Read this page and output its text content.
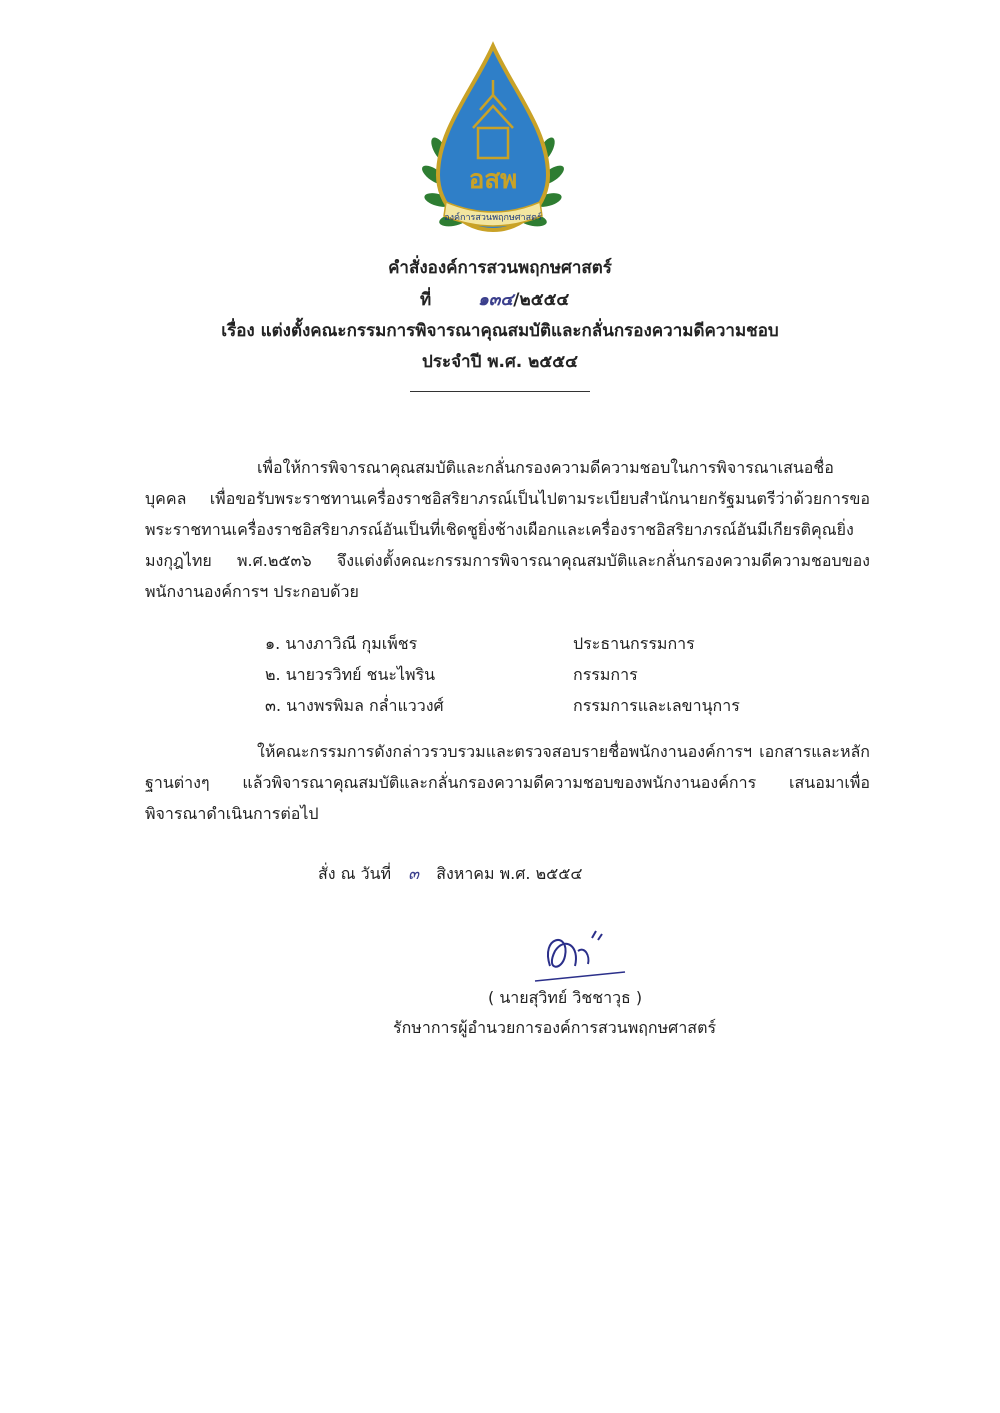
อสพ
องค์การสวนพฤกษศาสตร์
คำสั่งองค์การสวนพฤกษศาสตร์
ที่	๑๓๔/๒๕๕๔
เรื่อง แต่งตั้งคณะกรรมการพิจารณาคุณสมบัติและกลั่นกรองความดีความชอบ
ประจำปี พ.ศ. ๒๕๕๔
เพื่อให้การพิจารณาคุณสมบัติและกลั่นกรองความดีความชอบในการพิจารณาเสนอชื่อบุคคล เพื่อขอรับพระราชทานเครื่องราชอิสริยาภรณ์เป็นไปตามระเบียบสำนักนายกรัฐมนตรีว่าด้วยการขอพระราชทานเครื่องราชอิสริยาภรณ์อันเป็นที่เชิดชูยิ่งช้างเผือกและเครื่องราชอิสริยาภรณ์อันมีเกียรติคุณยิ่งมงกุฎไทย พ.ศ.๒๕๓๖ จึงแต่งตั้งคณะกรรมการพิจารณาคุณสมบัติและกลั่นกรองความดีความชอบของพนักงานองค์การฯ ประกอบด้วย
๑. นางภาวิณี กุมเพ็ชร	ประธานกรรมการ
๒. นายวรวิทย์ ชนะไพริน	กรรมการ
๓. นางพรพิมล กล่ำแววงศ์	กรรมการและเลขานุการ
ให้คณะกรรมการดังกล่าวรวบรวมและตรวจสอบรายชื่อพนักงานองค์การฯ เอกสารและหลักฐานต่างๆ แล้วพิจารณาคุณสมบัติและกลั่นกรองความดีความชอบของพนักงานองค์การ เสนอมาเพื่อพิจารณาดำเนินการต่อไป
สั่ง ณ วันที่ ๓ สิงหาคม พ.ศ. ๒๕๕๔
( นายสุวิทย์ วิชชาวุธ )
รักษาการผู้อำนวยการองค์การสวนพฤกษศาสตร์
